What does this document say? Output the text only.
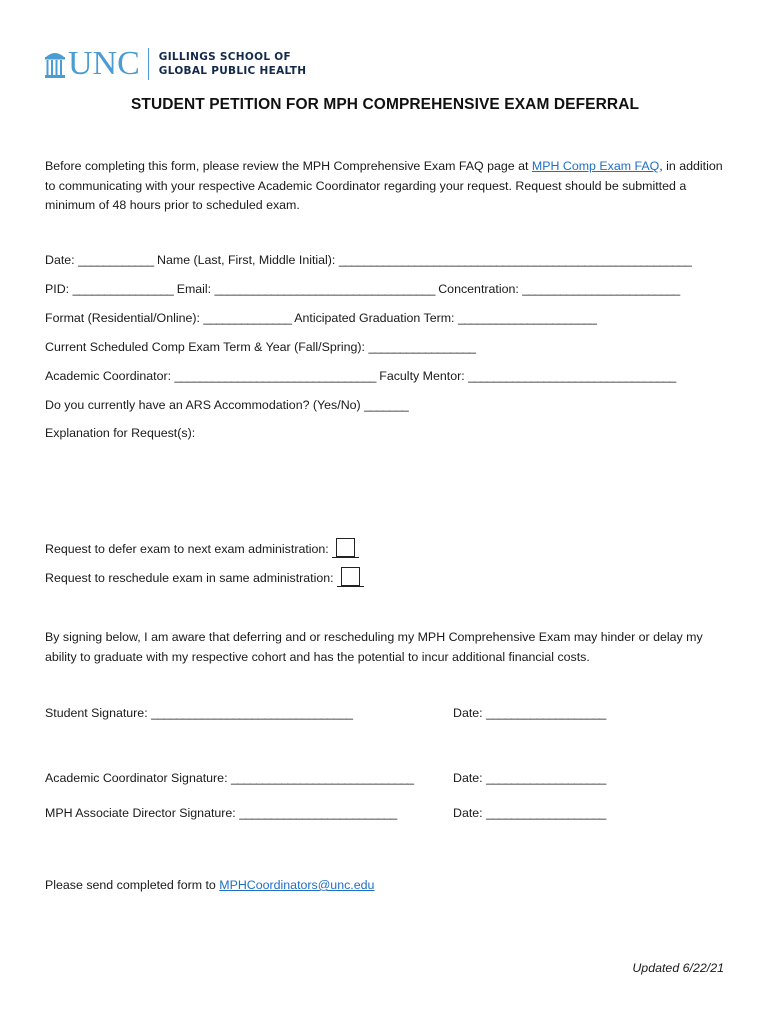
UNC GILLINGS SCHOOL OF
GLOBAL PUBLIC HEALTH
STUDENT PETITION FOR MPH COMPREHENSIVE EXAM DEFERRAL
Before completing this form, please review the MPH Comprehensive Exam FAQ page at MPH Comp Exam FAQ, in addition to communicating with your respective Academic Coordinator regarding your request. Request should be submitted a minimum of 48 hours prior to scheduled exam.
Date: ____________ Name (Last, First, Middle Initial): ________________________________________________________
PID: ________________ Email: ___________________________________ Concentration: _________________________
Format (Residential/Online): ______________ Anticipated Graduation Term: ______________________
Current Scheduled Comp Exam Term & Year (Fall/Spring): _________________
Academic Coordinator: ________________________________ Faculty Mentor: _________________________________
Do you currently have an ARS Accommodation? (Yes/No) _______
Explanation for Request(s):
Request to defer exam to next exam administration:
Request to reschedule exam in same administration:
By signing below, I am aware that deferring and or rescheduling my MPH Comprehensive Exam may hinder or delay my ability to graduate with my respective cohort and has the potential to incur additional financial costs.
Student Signature: ________________________________	Date: ___________________
Academic Coordinator Signature: _____________________________	Date: ___________________
MPH Associate Director Signature: _________________________	Date: ___________________
Please send completed form to MPHCoordinators@unc.edu
Updated 6/22/21
